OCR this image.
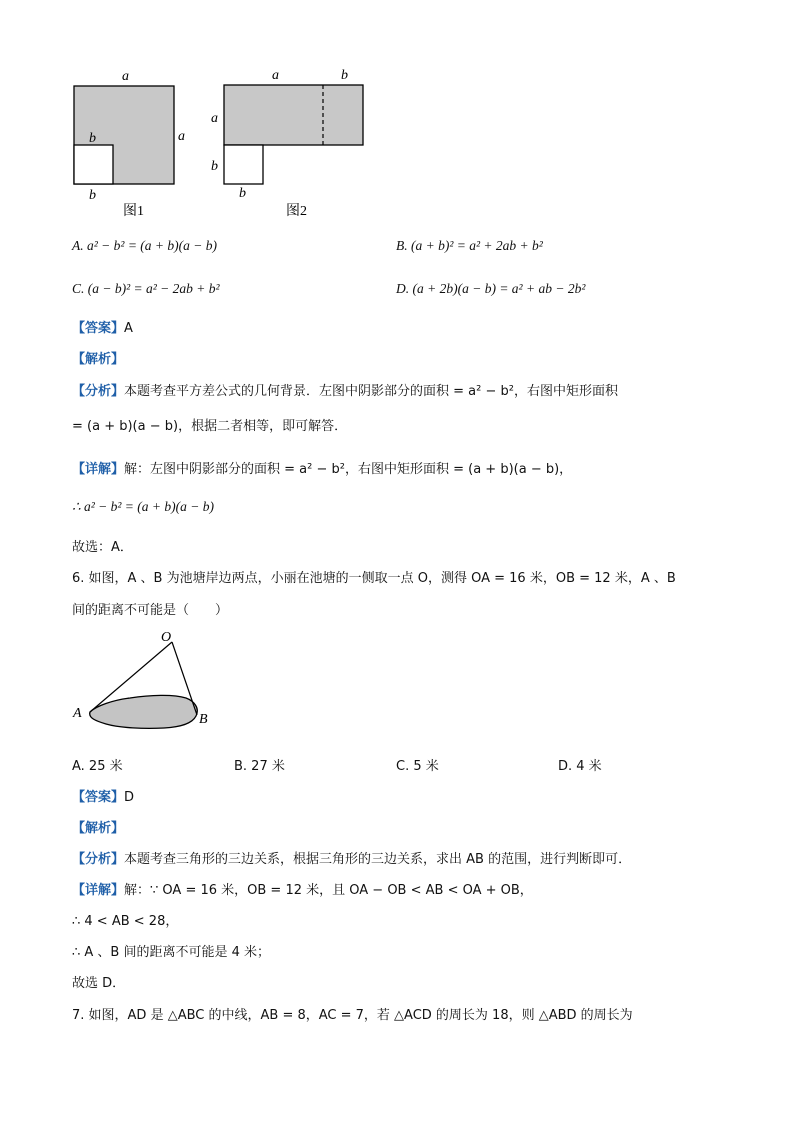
a
a
b
b
图1
a	b
a
b
b
图2
A. a² − b² = (a + b)(a − b)	B. (a + b)² = a² + 2ab + b²
C. (a − b)² = a² − 2ab + b²	D. (a + 2b)(a − b) = a² + ab − 2b²
【答案】A
【解析】
【分析】本题考查平方差公式的几何背景．左图中阴影部分的面积 = a² − b²，右图中矩形面积
= (a + b)(a − b)，根据二者相等，即可解答．
【详解】解：左图中阴影部分的面积 = a² − b²，右图中矩形面积 = (a + b)(a − b)，
∴ a² − b² = (a + b)(a − b)
故选：A．
6. 如图，A 、B 为池塘岸边两点，小丽在池塘的一侧取一点 O，测得 OA = 16 米，OB = 12 米，A 、B
间的距离不可能是（　　）
O
A	B
A. 25 米	B. 27 米	C. 5 米	D. 4 米
【答案】D
【解析】
【分析】本题考查三角形的三边关系，根据三角形的三边关系，求出 AB 的范围，进行判断即可．
【详解】解：∵ OA = 16 米，OB = 12 米，且 OA − OB < AB < OA + OB，
∴ 4 < AB < 28，
∴ A 、B 间的距离不可能是 4 米；
故选 D．
7. 如图，AD 是 △ABC 的中线，AB = 8，AC = 7，若 △ACD 的周长为 18，则 △ABD 的周长为
